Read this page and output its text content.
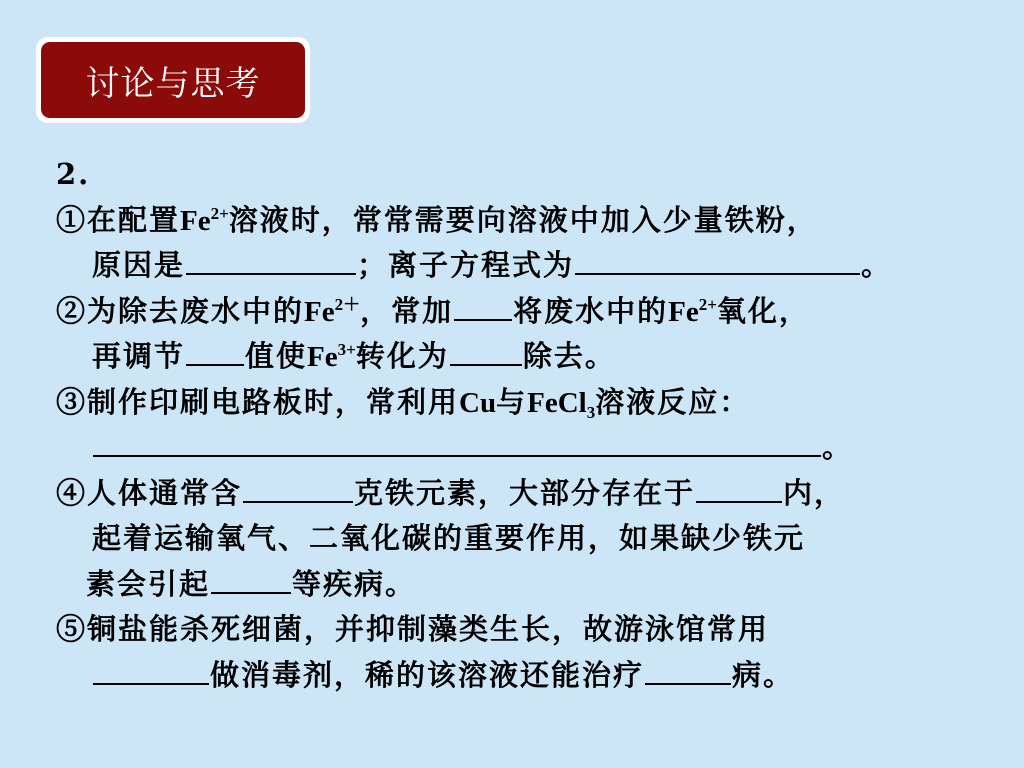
讨论与思考
2.
①在配置$Fe^{2+}$溶液时，常常需要向溶液中加入少量铁粉，
原因是	；离子方程式为	。
②为除去废水中的$Fe^{2+}$，常加 将废水中的$Fe^{2+}$氧化，
再调节 值使$Fe^{3+}$转化为	除去。
③制作印刷电路板时，常利用Cu与FeCl$_3$溶液反应：
。
④人体通常含	克铁元素，大部分存在于	内，
起着运输氧气、二氧化碳的重要作用，如果缺少铁元
素会引起	等疾病。
⑤铜盐能杀死细菌，并抑制藻类生长，故游泳馆常用
做消毒剂，稀的该溶液还能治疗	病。
